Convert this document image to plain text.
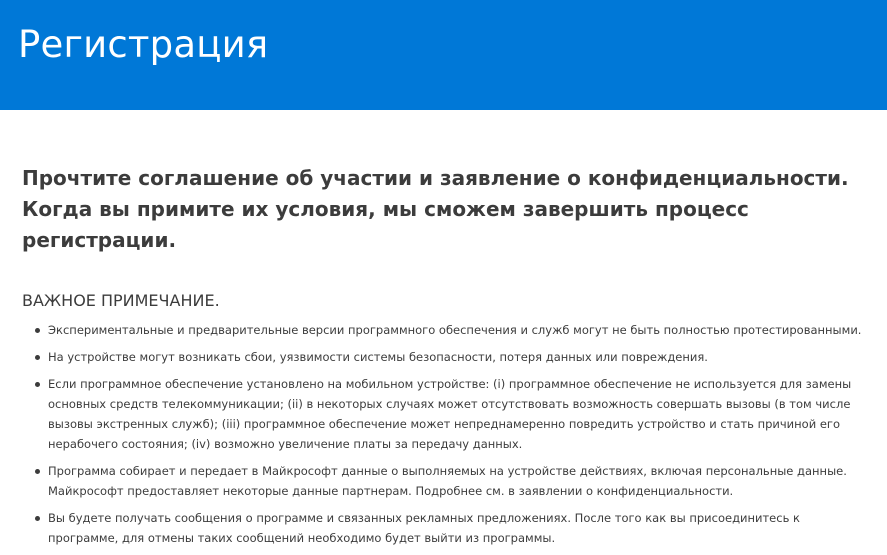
Регистрация

Прочтите соглашение об участии и заявление о конфиденциальности. Когда вы примите их условия, мы сможем завершить процесс регистрации.

ВАЖНОЕ ПРИМЕЧАНИЕ.
Экспериментальные и предварительные версии программного обеспечения и служб могут не быть полностью протестированными.
На устройстве могут возникать сбои, уязвимости системы безопасности, потеря данных или повреждения.
Если программное обеспечение установлено на мобильном устройстве: (i) программное обеспечение не используется для замены основных средств телекоммуникации; (ii) в некоторых случаях может отсутствовать возможность совершать вызовы (в том числе вызовы экстренных служб); (iii) программное обеспечение может непреднамеренно повредить устройство и стать причиной его нерабочего состояния; (iv) возможно увеличение платы за передачу данных.
Программа собирает и передает в Майкрософт данные о выполняемых на устройстве действиях, включая персональные данные. Майкрософт предоставляет некоторые данные партнерам. Подробнее см. в заявлении о конфиденциальности.
Вы будете получать сообщения о программе и связанных рекламных предложениях. После того как вы присоединитесь к программе, для отмены таких сообщений необходимо будет выйти из программы.
